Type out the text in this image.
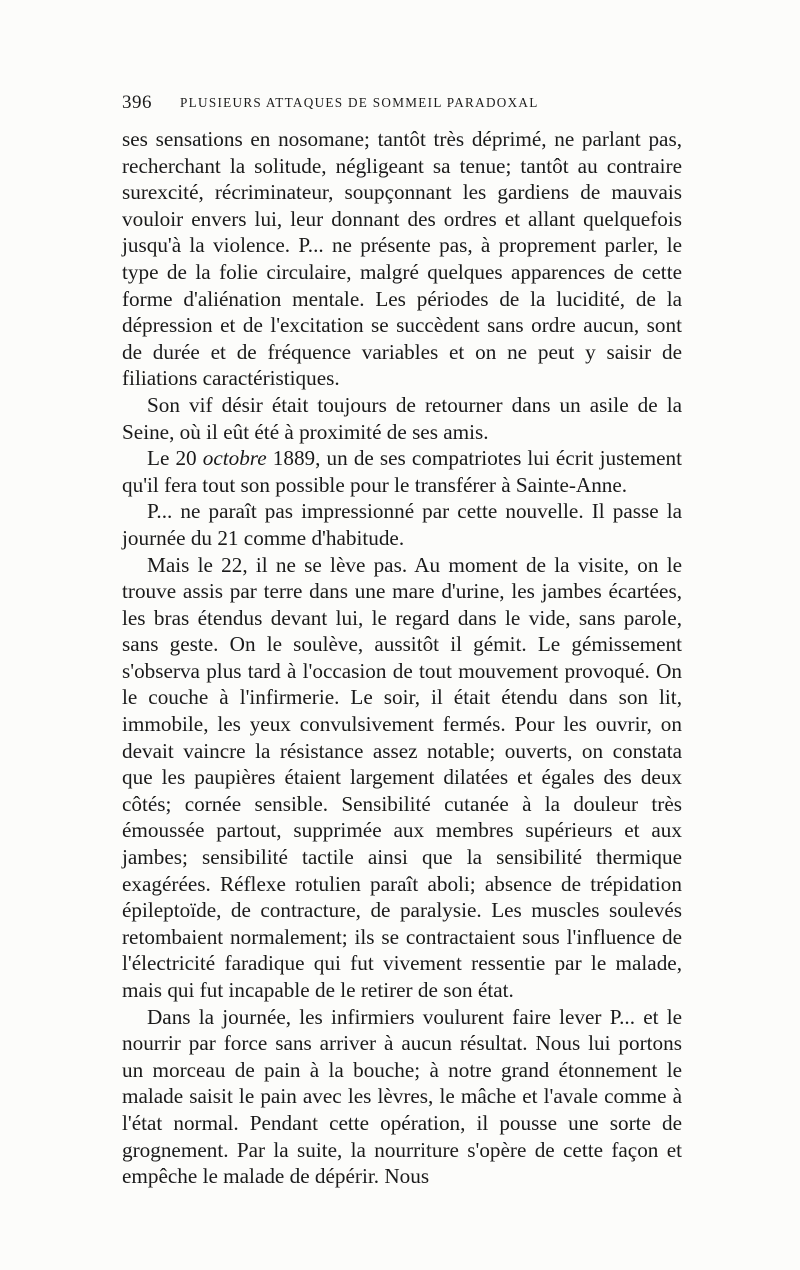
396 PLUSIEURS ATTAQUES DE SOMMEIL PARADOXAL

ses sensations en nosomane; tantôt très déprimé, ne parlant pas, recherchant la solitude, négligeant sa tenue; tantôt au contraire surexcité, récriminateur, soupçonnant les gardiens de mauvais vouloir envers lui, leur donnant des ordres et allant quelquefois jusqu'à la violence. P... ne présente pas, à proprement parler, le type de la folie circulaire, malgré quelques apparences de cette forme d'aliénation mentale. Les périodes de la lucidité, de la dépression et de l'excitation se succèdent sans ordre aucun, sont de durée et de fréquence variables et on ne peut y saisir de filiations caractéristiques.

Son vif désir était toujours de retourner dans un asile de la Seine, où il eût été à proximité de ses amis.

Le 20 octobre 1889, un de ses compatriotes lui écrit justement qu'il fera tout son possible pour le transférer à Sainte-Anne.

P... ne paraît pas impressionné par cette nouvelle. Il passe la journée du 21 comme d'habitude.

Mais le 22, il ne se lève pas. Au moment de la visite, on le trouve assis par terre dans une mare d'urine, les jambes écartées, les bras étendus devant lui, le regard dans le vide, sans parole, sans geste. On le soulève, aussitôt il gémit. Le gémissement s'observa plus tard à l'occasion de tout mouvement provoqué. On le couche à l'infirmerie. Le soir, il était étendu dans son lit, immobile, les yeux convulsivement fermés. Pour les ouvrir, on devait vaincre la résistance assez notable; ouverts, on constata que les paupières étaient largement dilatées et égales des deux côtés; cornée sensible. Sensibilité cutanée à la douleur très émoussée partout, supprimée aux membres supérieurs et aux jambes; sensibilité tactile ainsi que la sensibilité thermique exagérées. Réflexe rotulien paraît aboli; absence de trépidation épileptoïde, de contracture, de paralysie. Les muscles soulevés retombaient normalement; ils se contractaient sous l'influence de l'électricité faradique qui fut vivement ressentie par le malade, mais qui fut incapable de le retirer de son état.

Dans la journée, les infirmiers voulurent faire lever P... et le nourrir par force sans arriver à aucun résultat. Nous lui portons un morceau de pain à la bouche; à notre grand étonnement le malade saisit le pain avec les lèvres, le mâche et l'avale comme à l'état normal. Pendant cette opération, il pousse une sorte de grognement. Par la suite, la nourriture s'opère de cette façon et empêche le malade de dépérir. Nous
